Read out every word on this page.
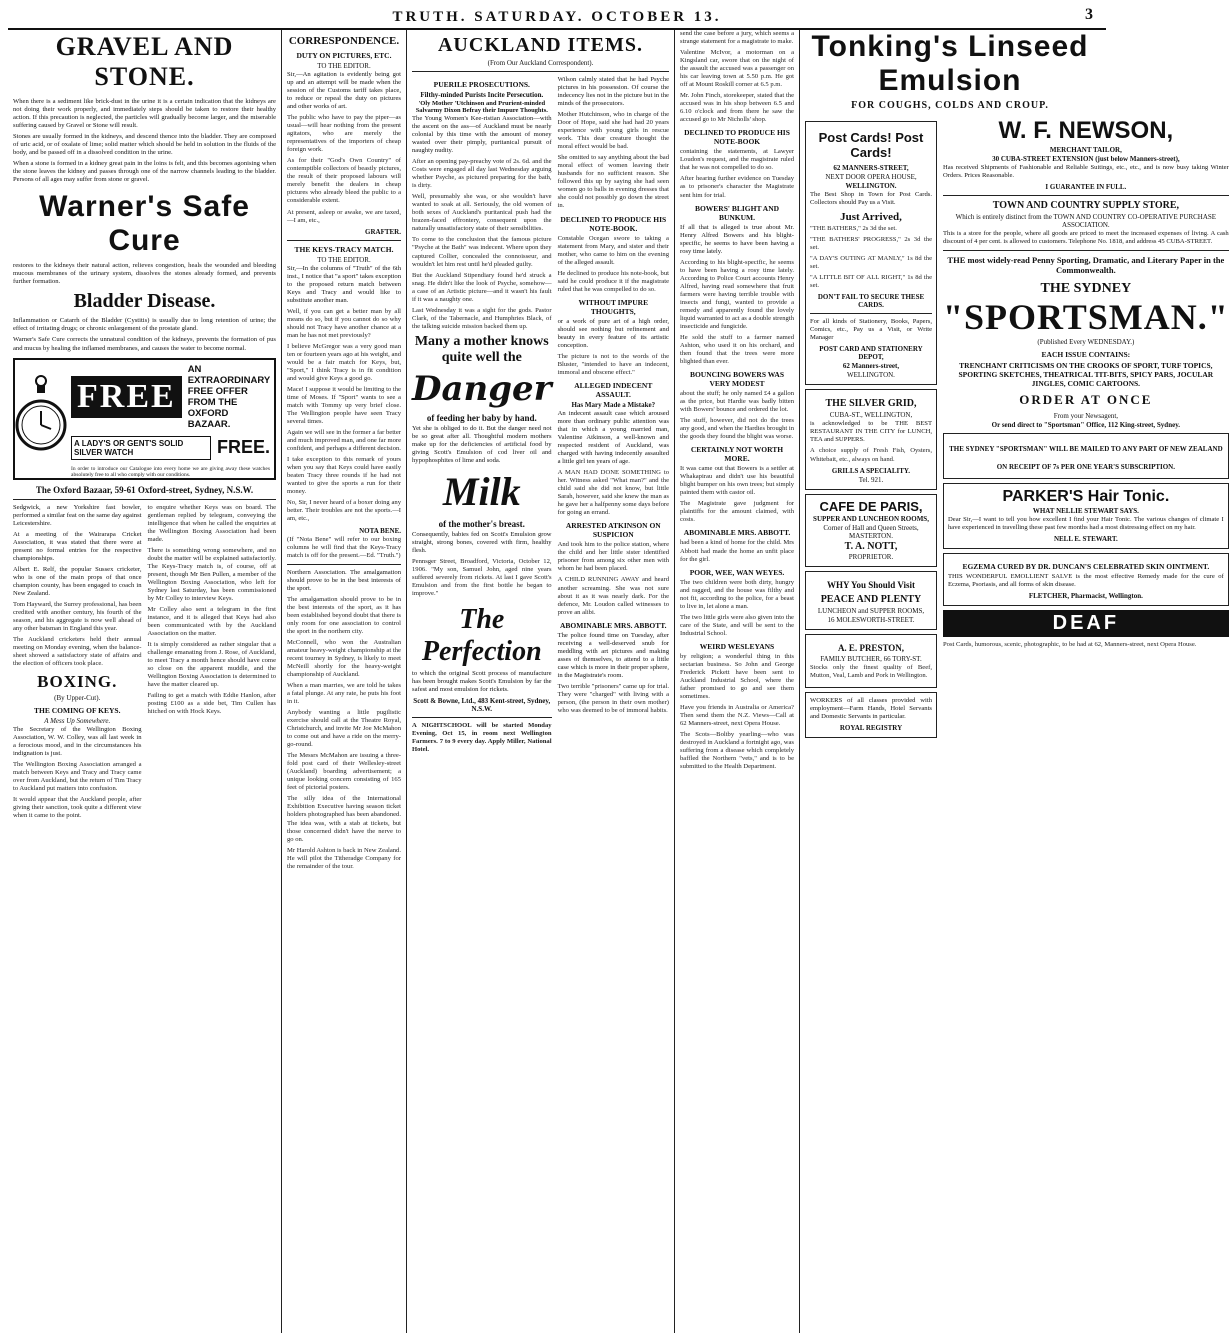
TRUTH. SATURDAY. OCTOBER 13.	3
GRAVEL AND STONE.

When there is a sediment like brick-dust in the urine it is a certain indication that the kidneys are not doing their work properly, and immediately steps should be taken to restore their healthy action. If this precaution is neglected, the particles will gradually become larger, and the miserable suffering caused by Gravel or Stone will result.

Stones are usually formed in the kidneys, and descend thence into the bladder. They are composed of uric acid, or of oxalate of lime; solid matter which should be held in solution in the fluids of the body, and be passed off in a dissolved condition in the urine.

When a stone is formed in a kidney great pain in the loins is felt, and this becomes agonising when the stone leaves the kidney and passes through one of the narrow channels leading to the bladder. Persons of all ages may suffer from stone or gravel.

Warner's Safe Cure

restores to the kidneys their natural action, relieves congestion, heals the wounded and bleeding mucous membranes of the urinary system, dissolves the stones already formed, and prevents further formation.

Bladder Disease.

Inflammation or Catarrh of the Bladder (Cystitis) is usually due to long retention of urine; the effect of irritating drugs; or chronic enlargement of the prostate gland.

Warner's Safe Cure corrects the unnatural condition of the kidneys, prevents the formation of pus and mucus by healing the inflamed membranes, and causes the water to become normal.

FREE
AN EXTRAORDINARY FREE OFFER FROM THE OXFORD BAZAAR.
A LADY'S OR GENT'S SOLID SILVER WATCH	FREE.
In order to introduce our Catalogue into every home we are giving away these watches absolutely free to all who comply with our conditions.
The Oxford Bazaar, 59-61 Oxford-street, Sydney, N.S.W.

Sedgwick, a new Yorkshire fast bowler, performed a similar feat on the same day against Leicestershire.

At a meeting of the Wairarapa Cricket Association, it was stated that there were at present no formal entries for the respective championships.

Albert E. Relf, the popular Sussex cricketer, who is one of the main props of that once champion county, has been engaged to coach in New Zealand.

Tom Hayward, the Surrey professional, has been credited with another century, his fourth of the season, and his aggregate is now well ahead of any other batsman in England this year.
The Auckland cricketers held their annual meeting on Monday evening, when the balance-sheet showed a satisfactory state of affairs and the election of officers took place.
BOXING.
(By Upper-Cut).
THE COMING OF KEYS.
A Mess Up Somewhere.

The Secretary of the Wellington Boxing Association, W. W. Colley, was all last week in a ferocious mood, and in the circumstances his indignation is just.

The Wellington Boxing Association arranged a match between Keys and Tracy and Tracy came over from Auckland, but the return of Tim Tracy to Auckland put matters into confusion.
It would appear that the Auckland people, after giving their sanction, took quite a different view when it came to the point.
to enquire whether Keys was on board. The gentleman replied by telegram, conveying the intelligence that when he called the enquiries at the Wellington Boxing Association had been made.
There is something wrong somewhere, and no doubt the matter will be explained satisfactorily. The Keys-Tracy match is, of course, off at present, though Mr Ben Pullen, a member of the Wellington Boxing Association, who left for Sydney last Saturday, has been commissioned by Mr Colley to interview Keys.
Mr Colley also sent a telegram in the first instance, and it is alleged that Keys had also been communicated with by the Auckland Association on the matter.
It is simply considered as rather singular that a challenge emanating from J. Rose, of Auckland, to meet Tracy a month hence should have come so close on the apparent muddle, and the Wellington Boxing Association is determined to have the matter cleared up.
Failing to get a match with Eddie Hanlon, after posting £100 as a side bet, Tim Cullen has hitched on with Hock Keys.
CORRESPONDENCE.
DUTY ON PICTURES, ETC.
TO THE EDITOR.

Sir,—An agitation is evidently being got up and an attempt will be made when the session of the Customs tariff takes place, to reduce or repeal the duty on pictures and other works of art.

The public who have to pay the piper—as usual—will hear nothing from the present agitators, who are merely the representatives of the importers of cheap foreign work.
As for their "God's Own Country" of contemptible collectors of beastly pictures, the result of their proposed labours will merely benefit the dealers in cheap pictures who already bleed the public to a considerable extent.
At present, asleep or awake, we are taxed,—I am, etc.,
GRAFTER.
THE KEYS-TRACY MATCH.
TO THE EDITOR.

Sir,—In the columns of "Truth" of the 6th inst., I notice that "a sport" takes exception to the proposed return match between Keys and Tracy and would like to substitute another man.

Well, if you can get a better man by all means do so, but if you cannot do so why should not Tracy have another chance at a man he has not met previously?
I believe McGregor was a very good man ten or fourteen years ago at his weight, and would be a fair match for Keys, but, "Sport," I think Tracy is in fit condition and would give Keys a good go.
Mace! I suppose it would be limiting to the time of Moses. If "Sport" wants to see a match with Tommy up very brief close. The Wellington people have seen Tracy several times.
Again we will see in the former a far better and much improved man, and one far more confident, and perhaps a different decision.
I take exception to this remark of yours when you say that Keys could have easily beaten Tracy three rounds if he had not wanted to give the sports a run for their money.
No, Sir, I never heard of a boxer doing any better. Their troubles are not the sports.—I am, etc.,
NOTA BENE.
(If "Nota Bene" will refer to our boxing columns he will find that the Keys-Tracy match is off for the present.—Ed. "Truth.")

Northern Association. The amalgamation should prove to be in the best interests of the sport.

The amalgamation should prove to be in the best interests of the sport, as it has been established beyond doubt that there is only room for one association to control the sport in the northern city.
McConnell, who won the Australian amateur heavy-weight championship at the recent tourney in Sydney, is likely to meet McNeill shortly for the heavy-weight championship of Auckland.
When a man marries, we are told he takes a fatal plunge. At any rate, he puts his foot in it.
Anybody wanting a little pugilistic exercise should call at the Theatre Royal, Christchurch, and invite Mr Joe McMahon to come out and have a ride on the merry-go-round.
The Messrs McMahon are issuing a three-fold post card of their Wellesley-street (Auckland) boarding advertisement; a unique looking concern consisting of 165 feet of pictorial posters.
The silly idea of the International Exhibition Executive having season ticket holders photographed has been abandoned. The idea was, with a stab at tickets, but those concerned didn't have the nerve to go on.
Mr Harold Ashton is back in New Zealand. He will pilot the Titheradge Company for the remainder of the tour.
AUCKLAND ITEMS.
(From Our Auckland Correspondent).
PUERILE PROSECUTIONS.
Filthy-minded Purists Incite Persecution.
'Oly Mother 'Utchinson and Prurient-minded Salvarmy Dixon Befray their Impure Thoughts.

The Young Women's Kee-ristian Association—with the ascent on the ass—of Auckland must be nearly colonial by this time with the amount of money wasted over their pimply, puritanical pursuit of naughty nudity.

After an opening pay-preachy vote of 2s. 6d. and the Costs were engaged all day last Wednesday arguing whether Psyche, as pictured preparing for the bath, is dirty.
Well, presumably she was, or she wouldn't have wanted to soak at all. Seriously, the old women of both sexes of Auckland's puritanical push had the brazen-faced effrontery, consequent upon the naturally unsatisfactory state of their sensibilities.
To come to the conclusion that the famous picture "Psyche at the Bath" was indecent. Where upon they captured Collier, concealed the connoisseur, and wouldn't let him rest until he'd pleaded guilty.
But the Auckland Stipendiary found he'd struck a snag. He didn't like the look of Psyche, somehow—a case of an Artistic picture—and it wasn't his fault if it was a naughty one.
Last Wednesday it was a sight for the gods. Pastor Clark, of the Tabernacle, and Humphries Black, of the talking suicide mission backed them up.
Many a mother knows quite well the
Danger
of feeding her baby by hand.

Yet she is obliged to do it. But the danger need not be so great after all. Thoughtful modern mothers make up for the deficiencies of artificial food by giving Scott's Emulsion of cod liver oil and hypophosphites of lime and soda.

Milk
of the mother's breast.

Consequently, babies fed on Scott's Emulsion grow straight, strong bones, covered with firm, healthy flesh.

Pennsger Street, Broadford, Victoria, October 12, 1906. "My son, Samuel John, aged nine years suffered severely from rickets. At last I gave Scott's Emulsion and from the first bottle he began to improve."
The Perfection

to which the original Scott process of manufacture has been brought makes Scott's Emulsion by far the safest and most emulsion for rickets.

Scott & Bowne, Ltd., 483 Kent-street, Sydney, N.S.W.
A NIGHTSCHOOL will be started Monday Evening, Oct 15, in room next Wellington Farmers. 7 to 9 every day. Apply Miller, National Hotel.

Wilson calmly stated that he had Psyche pictures in his possession. Of course the indecency lies not in the picture but in the minds of the prosecutors.

Mother Hutchinson, who in charge of the Door of Hope, said she had had 20 years experience with young girls in rescue work. This dear creature thought the moral effect would be bad.
She omitted to say anything about the bad moral effect of women leaving their husbands for no sufficient reason. She followed this up by saying she had seen women go to balls in evening dresses that she could not possibly go down the street in.
DECLINED TO PRODUCE HIS NOTE-BOOK.
Constable Ocegan swore to taking a statement from Mary, and sister and their mother, who came to him on the evening of the alleged assault.
He declined to produce his note-book, but said he could produce it if the magistrate ruled that he was compelled to do so.
WITHOUT IMPURE THOUGHTS,

or a work of pure art of a high order, should see nothing but refinement and beauty in every feature of its artistic conception.

The picture is not to the words of the Bluster, "intended to have an indecent, immoral and obscene effect."
ALLEGED INDECENT ASSAULT.
Has Mary Made a Mistake?

An indecent assault case which aroused more than ordinary public attention was that in which a young married man, Valentine Atkinson, a well-known and respected resident of Auckland, was charged with having indecently assaulted a little girl ten years of age.

A MAN HAD DONE SOMETHING to her. Witness asked "What man?" and the child said she did not know, but little Sarah, however, said she knew the man as he gave her a halfpenny some days before for going an errand.
ARRESTED ATKINSON ON SUSPICION
And took him to the police station, where the child and her little sister identified prisoner from among six other men with whom he had been placed.
A CHILD RUNNING AWAY and heard another screaming. She was not sure about it as it was nearly dark. For the defence, Mr. Loudon called witnesses to prove an alibi.
ABOMINABLE MRS. ABBOTT.

The police found time on Tuesday, after receiving a well-deserved snub for meddling with art pictures and making asses of themselves, to attend to a little case which is more in their proper sphere, in the Magistrate's room.

Two terrible "prisoners" came up for trial. They were "charged" with living with a person, (the person in their own mother) who was deemed to be of immoral habits.
send the case before a jury, which seems a strange statement for a magistrate to make.
Valentine McIvor, a motorman on a Kingsland car, swore that on the night of the assault the accused was a passenger on his car leaving town at 5.50 p.m. He got off at Mount Roskill corner at 6.5 p.m.
Mr. John Finch, storekeeper, stated that the accused was in his shop between 6.5 and 6.10 o'clock and from there he saw the accused go to Mr Nicholls' shop.
DECLINED TO PRODUCE HIS NOTE-BOOK
containing the statements, at Lawyer Loudon's request, and the magistrate ruled that he was not compelled to do so.
After hearing further evidence on Tuesday as to prisoner's character the Magistrate sent him for trial.
BOWERS' BLIGHT AND BUNKUM.

If all that is alleged is true about Mr. Henry Alfred Bowers and his blight-specific, he seems to have been having a rosy time lately.

According to his blight-specific, he seems to have been having a rosy time lately. According to Police Court accounts Henry Alfred, having read somewhere that fruit farmers were having terrible trouble with insects and fungi, wanted to provide a remedy and apparently found the lovely liquid warranted to act as a double strength insecticide and fungicide.
He sold the stuff to a farmer named Ashton, who used it on his orchard, and then found that the trees were more blighted than ever.
BOUNCING BOWERS WAS VERY MODEST
about the stuff; he only named £4 a gallon as the price, but Hardie was badly bitten with Bowers' bounce and ordered the lot.
The stuff, however, did not do the trees any good, and when the Hardies brought in the goods they found the blight was worse.
CERTAINLY NOT WORTH MORE.
It was came out that Bowers is a settler at Whakapirau and didn't use his beautiful blight bumper on his own trees; but simply painted them with castor oil.
The Magistrate gave judgment for plaintiffs for the amount claimed, with costs.
ABOMINABLE MRS. ABBOTT.
had been a kind of home for the child. Mrs Abbott had made the home an unfit place for the girl.
POOR, WEE, WAN WEYES.
The two children were both dirty, hungry and ragged, and the house was filthy and not fit, according to the police, for a beast to live in, let alone a man.
The two little girls were also given into the care of the State, and will be sent to the Industrial School.
WEIRD WESLEYANS
by religion; a wonderful thing in this sectarian business. So John and George Frederick Pickett have been sent to Auckland Industrial School, where the father promised to go and see them sometimes.
Have you friends in Australia or America? Then send them the N.Z. Views—Call at 62 Manners-street, next Opera House.
The Scots—Boltby yearling—who was destroyed in Auckland a fortnight ago, was suffering from a disease which completely baffled the Northern "vets," and is to be submitted to the Health Department.
Tonking's Linseed Emulsion
FOR COUGHS, COLDS AND CROUP.
Post Cards! Post Cards!
62 MANNERS-STREET,
NEXT DOOR OPERA HOUSE,
WELLINGTON.

The Best Shop in Town for Post Cards. Collectors should Pay us a Visit.

Just Arrived,
"THE BATHERS," 2s 3d the set.
"THE BATHERS' PROGRESS," 2s 3d the set.
"A DAY'S OUTING AT MANLY," 1s 8d the set.
"A LITTLE BIT OF ALL RIGHT," 1s 8d the set.
DON'T FAIL TO SECURE THESE CARDS.

For all kinds of Stationery, Books, Papers, Comics, etc., Pay us a Visit, or Write Manager

POST CARD AND STATIONERY DEPOT,
62 Manners-street,
WELLINGTON.
THE SILVER GRID,
CUBA-ST., WELLINGTON,

is acknowledged to be THE BEST RESTAURANT IN THE CITY for LUNCH, TEA and SUPPERS.

A choice supply of Fresh Fish, Oysters, Whitebait, etc., always on hand.
GRILLS A SPECIALITY.
Tel. 921.
CAFE DE PARIS,
SUPPER AND LUNCHEON ROOMS,
Corner of Hall and Queen Streets, MASTERTON.
T. A. NOTT,
PROPRIETOR.
WHY You Should Visit
PEACE AND PLENTY
LUNCHEON and SUPPER ROOMS,
16 MOLESWORTH-STREET.
A. E. PRESTON,
FAMILY BUTCHER, 66 TORY-ST.
Stocks only the finest quality of Beef, Mutton, Veal, Lamb and Pork in Wellington.

WORKERS of all classes provided with employment—Farm Hands, Hotel Servants and Domestic Servants in particular.

ROYAL REGISTRY
W. F. NEWSON,
MERCHANT TAILOR,
30 CUBA-STREET EXTENSION (just below Manners-street),

Has received Shipments of Fashionable and Reliable Suitings, etc., etc., and is now busy taking Winter Orders. Prices Reasonable.

I GUARANTEE IN FULL.
TOWN AND COUNTRY SUPPLY STORE,
Which is entirely distinct from the TOWN AND COUNTRY CO-OPERATIVE PURCHASE ASSOCIATION.

This is a store for the people, where all goods are priced to meet the increased expenses of living. A cash discount of 4 per cent. is allowed to customers. Telephone No. 1818, and address 45 CUBA-STREET.

THE most widely-read Penny Sporting, Dramatic, and Literary Paper in the Commonwealth.

THE SYDNEY
"SPORTSMAN."
(Published Every WEDNESDAY.)
EACH ISSUE CONTAINS:

TRENCHANT CRITICISMS ON THE CROOKS OF SPORT, TURF TOPICS, SPORTING SKETCHES, THEATRICAL TIT-BITS, SPICY PARS, JOCULAR JINGLES, COMIC CARTOONS.

ORDER AT ONCE
From your Newsagent,
Or send direct to "Sportsman" Office, 112 King-street, Sydney.
THE SYDNEY "SPORTSMAN" WILL BE MAILED TO ANY PART OF NEW ZEALAND ON RECEIPT OF 7s PER ONE YEAR'S SUBSCRIPTION.
PARKER'S Hair Tonic.
WHAT NELLIE STEWART SAYS.

Dear Sir,—I want to tell you how excellent I find your Hair Tonic. The various changes of climate I have experienced in travelling these past few months had a most distressing effect on my hair.

NELL E. STEWART.
EGZEMA CURED BY DR. DUNCAN'S CELEBRATED SKIN OINTMENT.

THIS WONDERFUL EMOLLIENT SALVE is the most effective Remedy made for the cure of Eczema, Psoriasis, and all forms of skin disease.

FLETCHER, Pharmacist, Wellington.
DEAF
Post Cards, humorous, scenic, photographic, to be had at 62, Manners-street, next Opera House.
